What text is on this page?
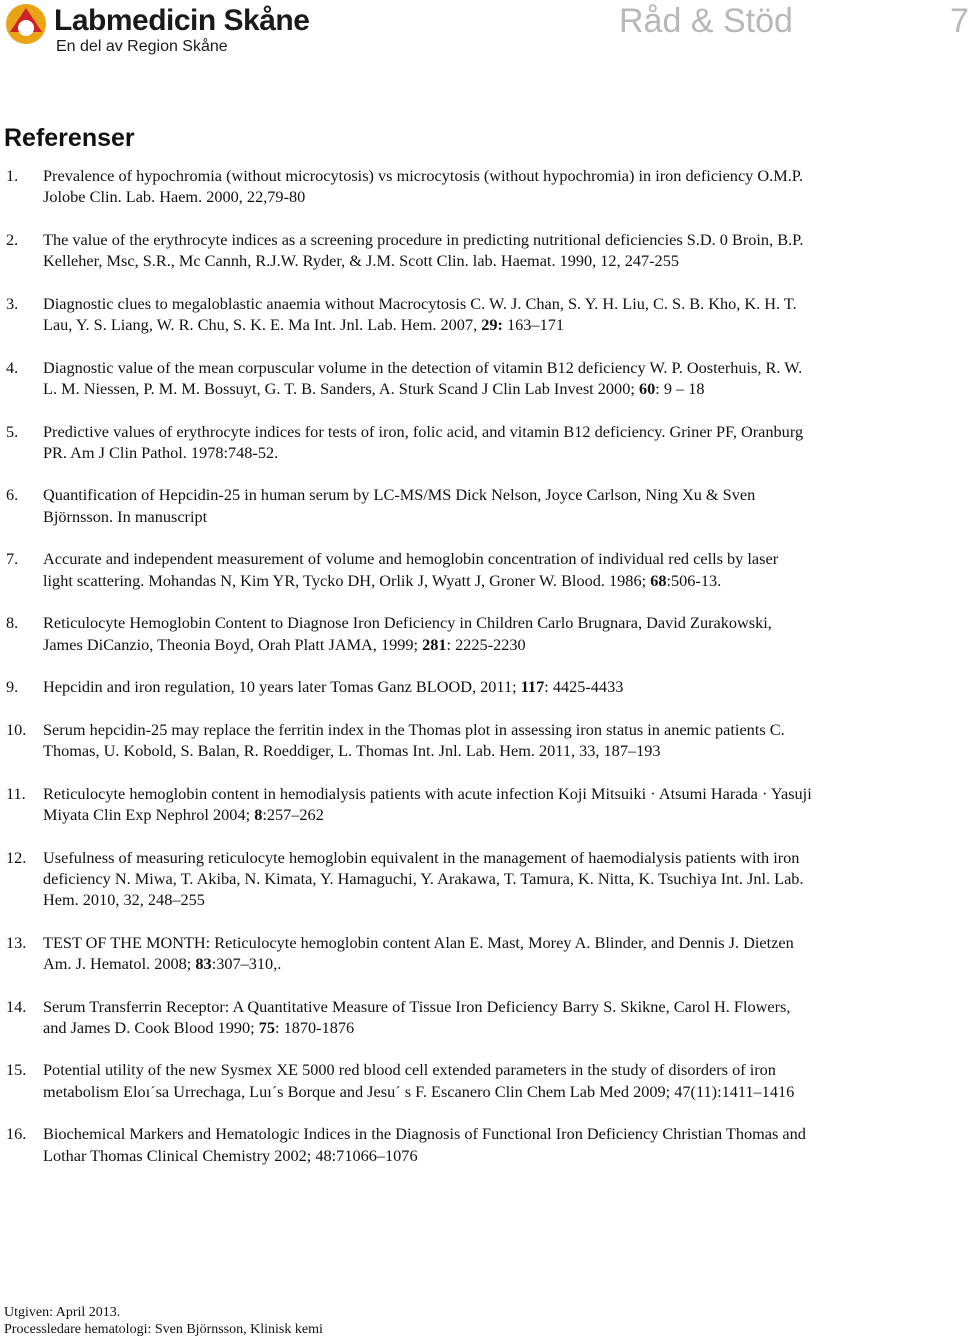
Labmedicin Skåne
En del av Region Skåne
Råd & Stöd	7
Referenser
1. Prevalence of hypochromia (without microcytosis) vs microcytosis (without hypochromia) in iron deficiency O.M.P. Jolobe Clin. Lab. Haem. 2000, 22,79-80
2. The value of the erythrocyte indices as a screening procedure in predicting nutritional deficiencies S.D. 0 Broin, B.P. Kelleher, Msc, S.R., Mc Cannh, R.J.W. Ryder, & J.M. Scott Clin. lab. Haemat. 1990, 12, 247-255
3. Diagnostic clues to megaloblastic anaemia without Macrocytosis C. W. J. Chan, S. Y. H. Liu, C. S. B. Kho, K. H. T. Lau, Y. S. Liang, W. R. Chu, S. K. E. Ma Int. Jnl. Lab. Hem. 2007, 29: 163–171
4. Diagnostic value of the mean corpuscular volume in the detection of vitamin B12 deficiency W. P. Oosterhuis, R. W. L. M. Niessen, P. M. M. Bossuyt, G. T. B. Sanders, A. Sturk Scand J Clin Lab Invest 2000; 60: 9 – 18
5. Predictive values of erythrocyte indices for tests of iron, folic acid, and vitamin B12 deficiency. Griner PF, Oranburg PR. Am J Clin Pathol. 1978:748-52.
6. Quantification of Hepcidin-25 in human serum by LC-MS/MS Dick Nelson, Joyce Carlson, Ning Xu & Sven Björnsson. In manuscript
7. Accurate and independent measurement of volume and hemoglobin concentration of individual red cells by laser light scattering. Mohandas N, Kim YR, Tycko DH, Orlik J, Wyatt J, Groner W. Blood. 1986; 68:506-13.
8. Reticulocyte Hemoglobin Content to Diagnose Iron Deficiency in Children Carlo Brugnara, David Zurakowski, James DiCanzio, Theonia Boyd, Orah Platt JAMA, 1999; 281: 2225-2230
9. Hepcidin and iron regulation, 10 years later Tomas Ganz BLOOD, 2011; 117: 4425-4433
10. Serum hepcidin-25 may replace the ferritin index in the Thomas plot in assessing iron status in anemic patients C. Thomas, U. Kobold, S. Balan, R. Roeddiger, L. Thomas Int. Jnl. Lab. Hem. 2011, 33, 187–193
11. Reticulocyte hemoglobin content in hemodialysis patients with acute infection Koji Mitsuiki · Atsumi Harada · Yasuji Miyata Clin Exp Nephrol 2004; 8:257–262
12. Usefulness of measuring reticulocyte hemoglobin equivalent in the management of haemodialysis patients with iron deficiency N. Miwa, T. Akiba, N. Kimata, Y. Hamaguchi, Y. Arakawa, T. Tamura, K. Nitta, K. Tsuchiya Int. Jnl. Lab. Hem. 2010, 32, 248–255
13. TEST OF THE MONTH: Reticulocyte hemoglobin content Alan E. Mast, Morey A. Blinder, and Dennis J. Dietzen Am. J. Hematol. 2008; 83:307–310,.
14. Serum Transferrin Receptor: A Quantitative Measure of Tissue Iron Deficiency Barry S. Skikne, Carol H. Flowers, and James D. Cook Blood 1990; 75: 1870-1876
15. Potential utility of the new Sysmex XE 5000 red blood cell extended parameters in the study of disorders of iron metabolism Eloı´sa Urrechaga, Luı´s Borque and Jesu´ s F. Escanero Clin Chem Lab Med 2009; 47(11):1411–1416
16. Biochemical Markers and Hematologic Indices in the Diagnosis of Functional Iron Deficiency Christian Thomas and Lothar Thomas Clinical Chemistry 2002; 48:71066–1076
Utgiven: April 2013.
Processledare hematologi: Sven Björnsson, Klinisk kemi
